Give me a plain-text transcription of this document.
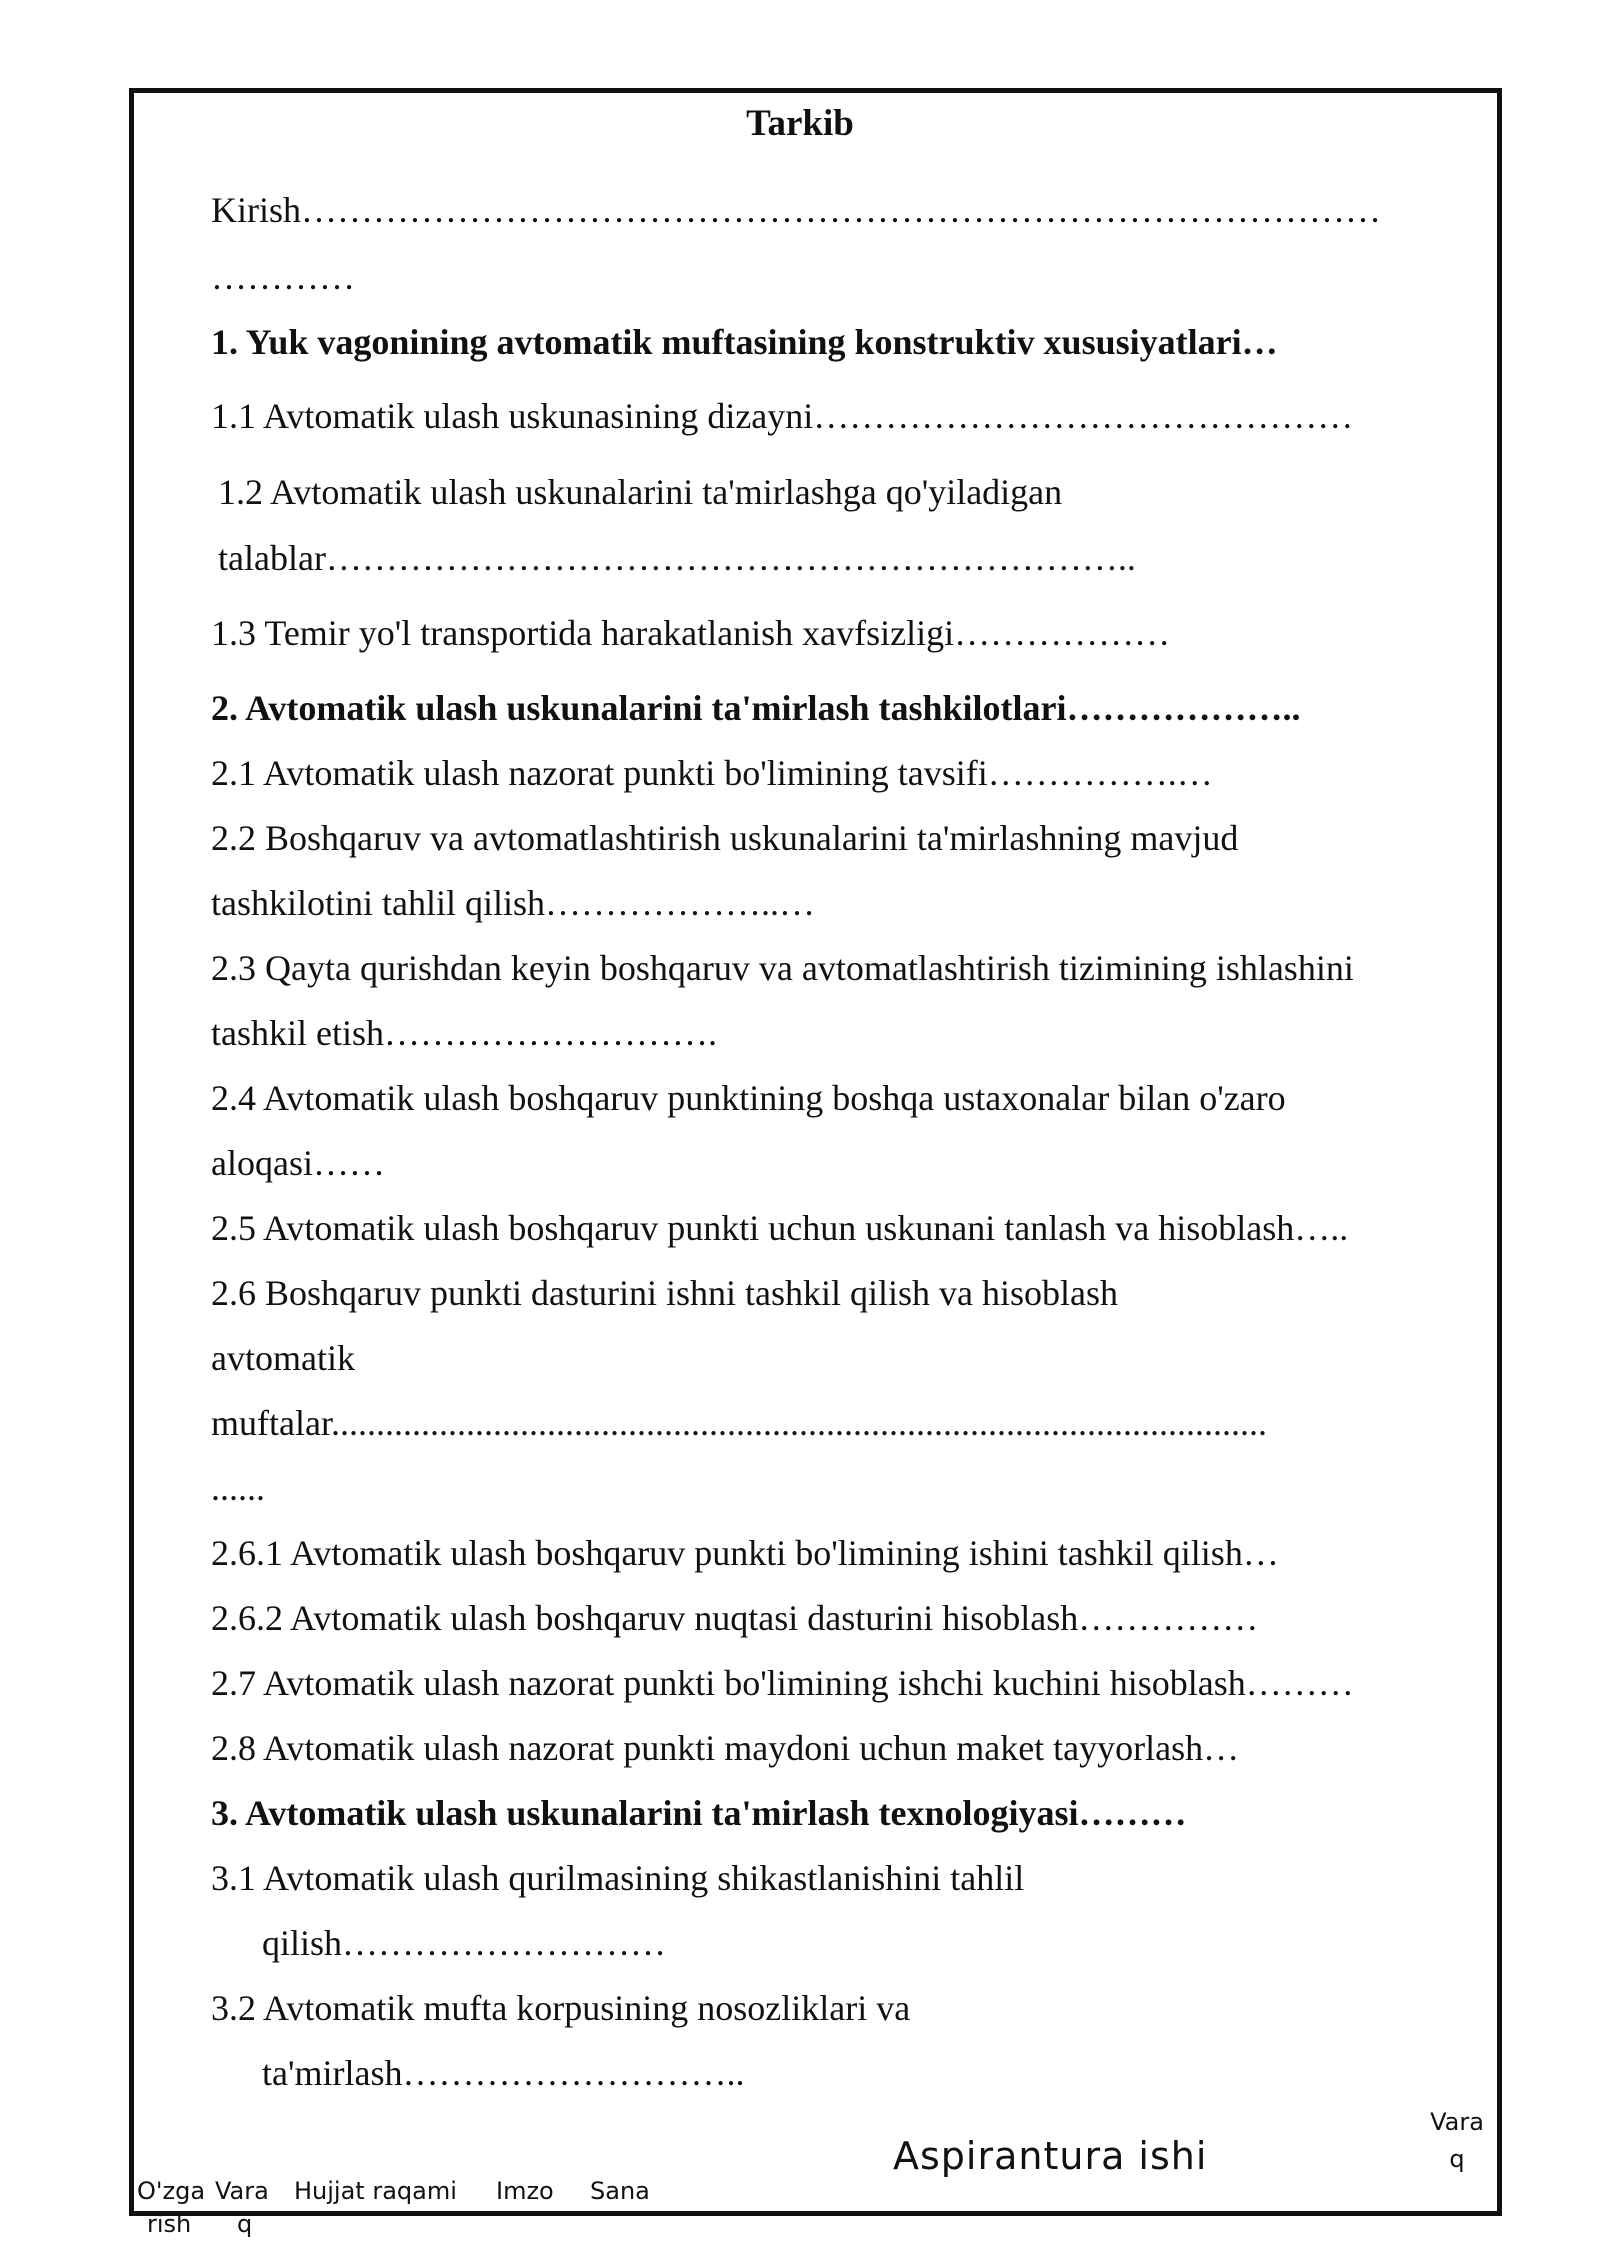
Tarkib

Kirish………………………………………………………………………………

…………

1. Yuk vagonining avtomatik muftasining konstruktiv xususiyatlari…

1.1 Avtomatik ulash uskunasining dizayni………………………………………

1.2 Avtomatik ulash uskunalarini ta'mirlashga qo'yiladigan

talablar…………………………………………………………..

1.3 Temir yo'l transportida harakatlanish xavfsizligi………………

2. Avtomatik ulash uskunalarini ta'mirlash tashkilotlari………………..

2.1 Avtomatik ulash nazorat punkti bo'limining tavsifi…………….…

2.2 Boshqaruv va avtomatlashtirish uskunalarini ta'mirlashning mavjud

tashkilotini tahlil qilish………………..…

2.3 Qayta qurishdan keyin boshqaruv va avtomatlashtirish tizimining ishlashini

tashkil etish……………………….

2.4 Avtomatik ulash boshqaruv punktining boshqa ustaxonalar bilan o'zaro

aloqasi……

2.5 Avtomatik ulash boshqaruv punkti uchun uskunani tanlash va hisoblash…..

2.6 Boshqaruv punkti dasturini ishni tashkil qilish va hisoblash

avtomatik

muftalar........................................................................................................

......

2.6.1 Avtomatik ulash boshqaruv punkti bo'limining ishini tashkil qilish…

2.6.2 Avtomatik ulash boshqaruv nuqtasi dasturini hisoblash……………

2.7 Avtomatik ulash nazorat punkti bo'limining ishchi kuchini hisoblash………

2.8 Avtomatik ulash nazorat punkti maydoni uchun maket tayyorlash…

3. Avtomatik ulash uskunalarini ta'mirlash texnologiyasi………

3.1 Avtomatik ulash qurilmasining shikastlanishini tahlil

qilish………………………

3.2 Avtomatik mufta korpusining nosozliklari va

ta'mirlash………………………..

Vara
q
Aspirantura ishi
O'zga
rish
Vara
q
Hujjat raqami Imzo Sana
